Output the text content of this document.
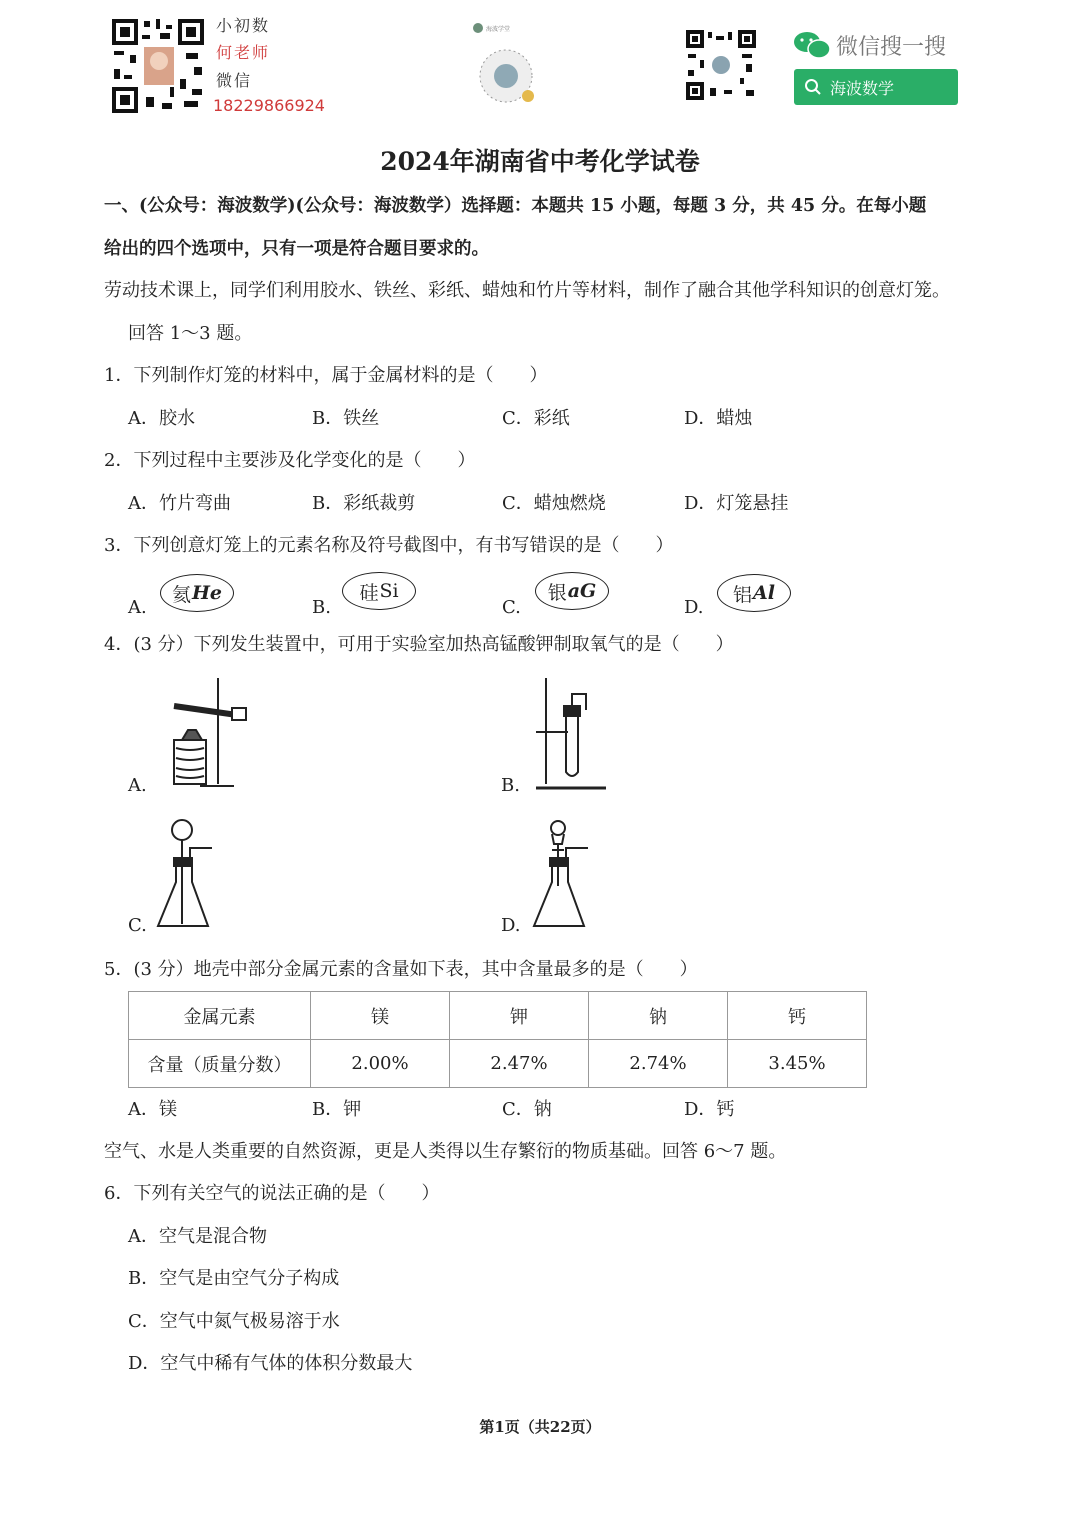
小初数
何老师
微信
18229866924
海波学堂
微信搜一搜
海波数学
2024年湖南省中考化学试卷
一、(公众号：海波数学)(公众号：海波数学）选择题：本题共 15 小题，每题 3 分，共 45 分。在每小题
给出的四个选项中，只有一项是符合题目要求的。
劳动技术课上，同学们利用胶水、铁丝、彩纸、蜡烛和竹片等材料，制作了融合其他学科知识的创意灯笼。
回答 1～3 题。
1．下列制作灯笼的材料中，属于金属材料的是（　　）
A．胶水	B．铁丝	C．彩纸	D．蜡烛
2．下列过程中主要涉及化学变化的是（　　）
A．竹片弯曲	B．彩纸裁剪	C．蜡烛燃烧	D．灯笼悬挂
3．下列创意灯笼上的元素名称及符号截图中，有书写错误的是（　　）
A.
氦 He
B.
硅 Si
C.
银 aG
D.
铝 Al
4．(3 分）下列发生装置中，可用于实验室加热高锰酸钾制取氧气的是（　　）
A.	B.
C.	D.
5．(3 分）地壳中部分金属元素的含量如下表，其中含量最多的是（　　）
金属元素	镁	钾	钠	钙
含量（质量分数）	2.00%	2.47%	2.74%	3.45%
A．镁	B．钾	C．钠	D．钙
空气、水是人类重要的自然资源，更是人类得以生存繁衍的物质基础。回答 6～7 题。
6．下列有关空气的说法正确的是（　　）
A．空气是混合物
B．空气是由空气分子构成
C．空气中氮气极易溶于水
D．空气中稀有气体的体积分数最大
第1页（共22页）
